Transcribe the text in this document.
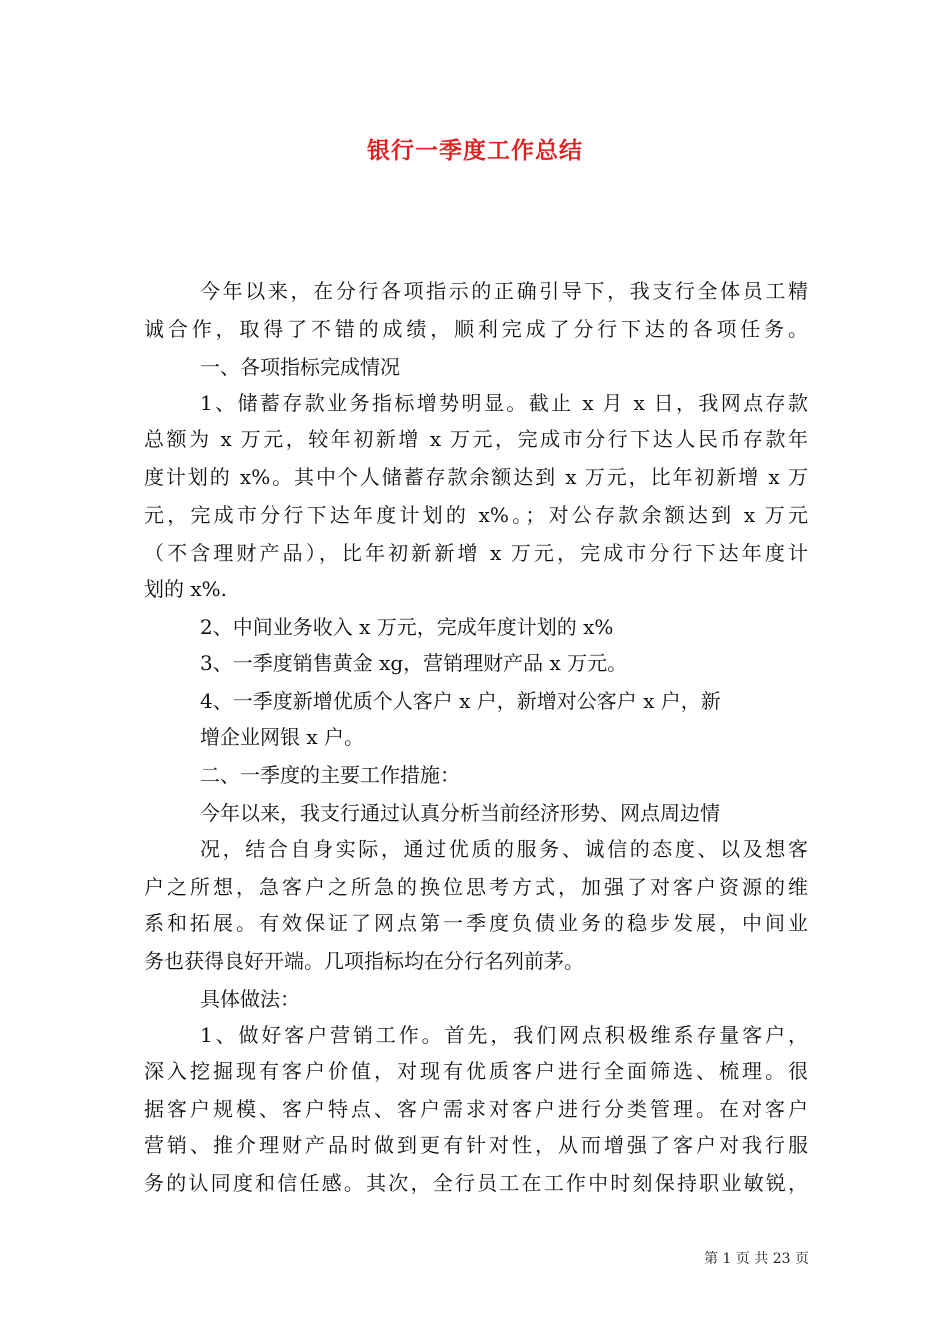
银行一季度工作总结
今年以来，在分行各项指示的正确引导下，我支行全体员工精
诚合作，取得了不错的成绩，顺利完成了分行下达的各项任务。
一、各项指标完成情况
1、储蓄存款业务指标增势明显。截止 x 月 x 日，我网点存款
总额为 x 万元，较年初新增 x 万元，完成市分行下达人民币存款年
度计划的 x%。其中个人储蓄存款余额达到 x 万元，比年初新增 x 万
元，完成市分行下达年度计划的 x%。；对公存款余额达到 x 万元
（不含理财产品），比年初新新增 x 万元，完成市分行下达年度计
划的 x%.
2、中间业务收入 x 万元，完成年度计划的 x%
3、一季度销售黄金 xg，营销理财产品 x 万元。
4、一季度新增优质个人客户 x 户，新增对公客户 x 户，新
增企业网银 x 户。
二、一季度的主要工作措施：
今年以来，我支行通过认真分析当前经济形势、网点周边情
况，结合自身实际，通过优质的服务、诚信的态度、以及想客
户之所想，急客户之所急的换位思考方式，加强了对客户资源的维
系和拓展。有效保证了网点第一季度负债业务的稳步发展，中间业
务也获得良好开端。几项指标均在分行名列前茅。
具体做法：
1、做好客户营销工作。首先，我们网点积极维系存量客户，
深入挖掘现有客户价值，对现有优质客户进行全面筛选、梳理。很
据客户规模、客户特点、客户需求对客户进行分类管理。在对客户
营销、推介理财产品时做到更有针对性，从而增强了客户对我行服
务的认同度和信任感。其次，全行员工在工作中时刻保持职业敏锐，
第 1 页 共 23 页
